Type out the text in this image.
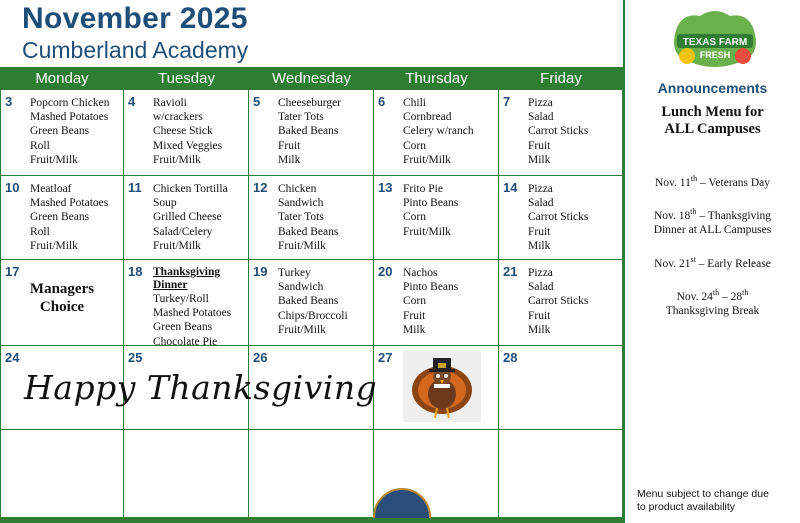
November 2025
Cumberland Academy
Monday	Tuesday	Wednesday	Thursday	Friday
3 Popcorn Chicken
Mashed Potatoes
Green Beans
Roll
Fruit/Milk
4 Ravioli
w/crackers
Cheese Stick
Mixed Veggies
Fruit/Milk
5 Cheeseburger
Tater Tots
Baked Beans
Fruit
Milk
6 Chili
Cornbread
Celery w/ranch
Corn
Fruit/Milk
7 Pizza
Salad
Carrot Sticks
Fruit
Milk
10 Meatloaf
Mashed Potatoes
Green Beans
Roll
Fruit/Milk
11 Chicken Tortilla
Soup
Grilled Cheese
Salad/Celery
Fruit/Milk
12 Chicken
Sandwich
Tater Tots
Baked Beans
Fruit/Milk
13 Frito Pie
Pinto Beans
Corn
Fruit/Milk
14 Pizza
Salad
Carrot Sticks
Fruit
Milk
17
Managers Choice
18 Thanksgiving Dinner
Turkey/Roll
Mashed Potatoes
Green Beans
Chocolate Pie
19 Turkey
Sandwich
Baked Beans
Chips/Broccoli
Fruit/Milk
20 Nachos
Pinto Beans
Corn
Fruit
Milk
21 Pizza
Salad
Carrot Sticks
Fruit
Milk
24	25	26	27	28
Happy Thanksgiving
TEXAS FARM
FRESH
Announcements
Lunch Menu for
ALL Campuses
Nov. 11th – Veterans Day
Nov. 18th – Thanksgiving
Dinner at ALL Campuses
Nov. 21st – Early Release
Nov. 24th – 28th
Thanksgiving Break
Menu subject to change due
to product availability
